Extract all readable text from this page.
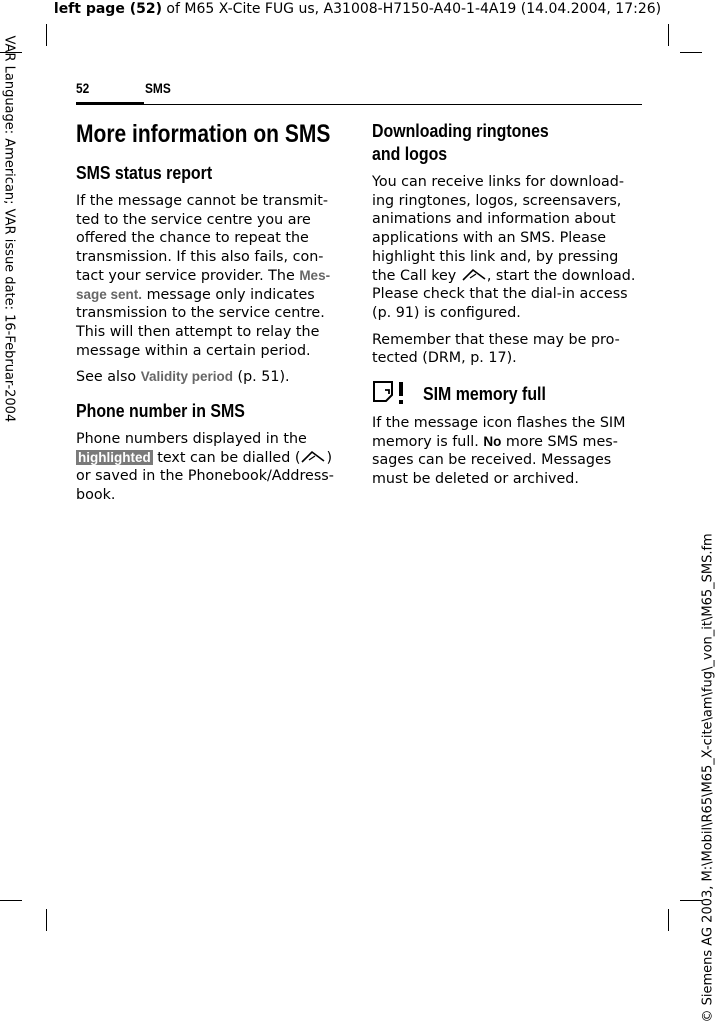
left page (52) of M65 X-Cite FUG us, A31008-H7150-A40-1-4A19 (14.04.2004, 17:26)
VAR Language: American; VAR issue date: 16-Februar-2004
© Siemens AG 2003, M:\Mobil\R65\M65_X-cite\am\fug\_von_it\M65_SMS.fm
52	SMS
More information on SMS
SMS status report

If the message cannot be transmit-ted to the service centre you are offered the chance to repeat the transmission. If this also fails, con-tact your service provider. The Mes-sage sent. message only indicates transmission to the service centre. This will then attempt to relay the message within a certain period.

See also Validity period (p. 51).

Phone number in SMS

Phone numbers displayed in the highlighted text can be dialled ( ) or saved in the Phonebook/Address-book.

Downloading ringtones
and logos

You can receive links for download-ing ringtones, logos, screensavers, animations and information about applications with an SMS. Please highlight this link and, by pressing the Call key , start the download. Please check that the dial-in access (p. 91) is configured.

Remember that these may be pro-tected (DRM, p. 17).

SIM memory full

If the message icon flashes the SIM memory is full. No more SMS mes-sages can be received. Messages must be deleted or archived.
